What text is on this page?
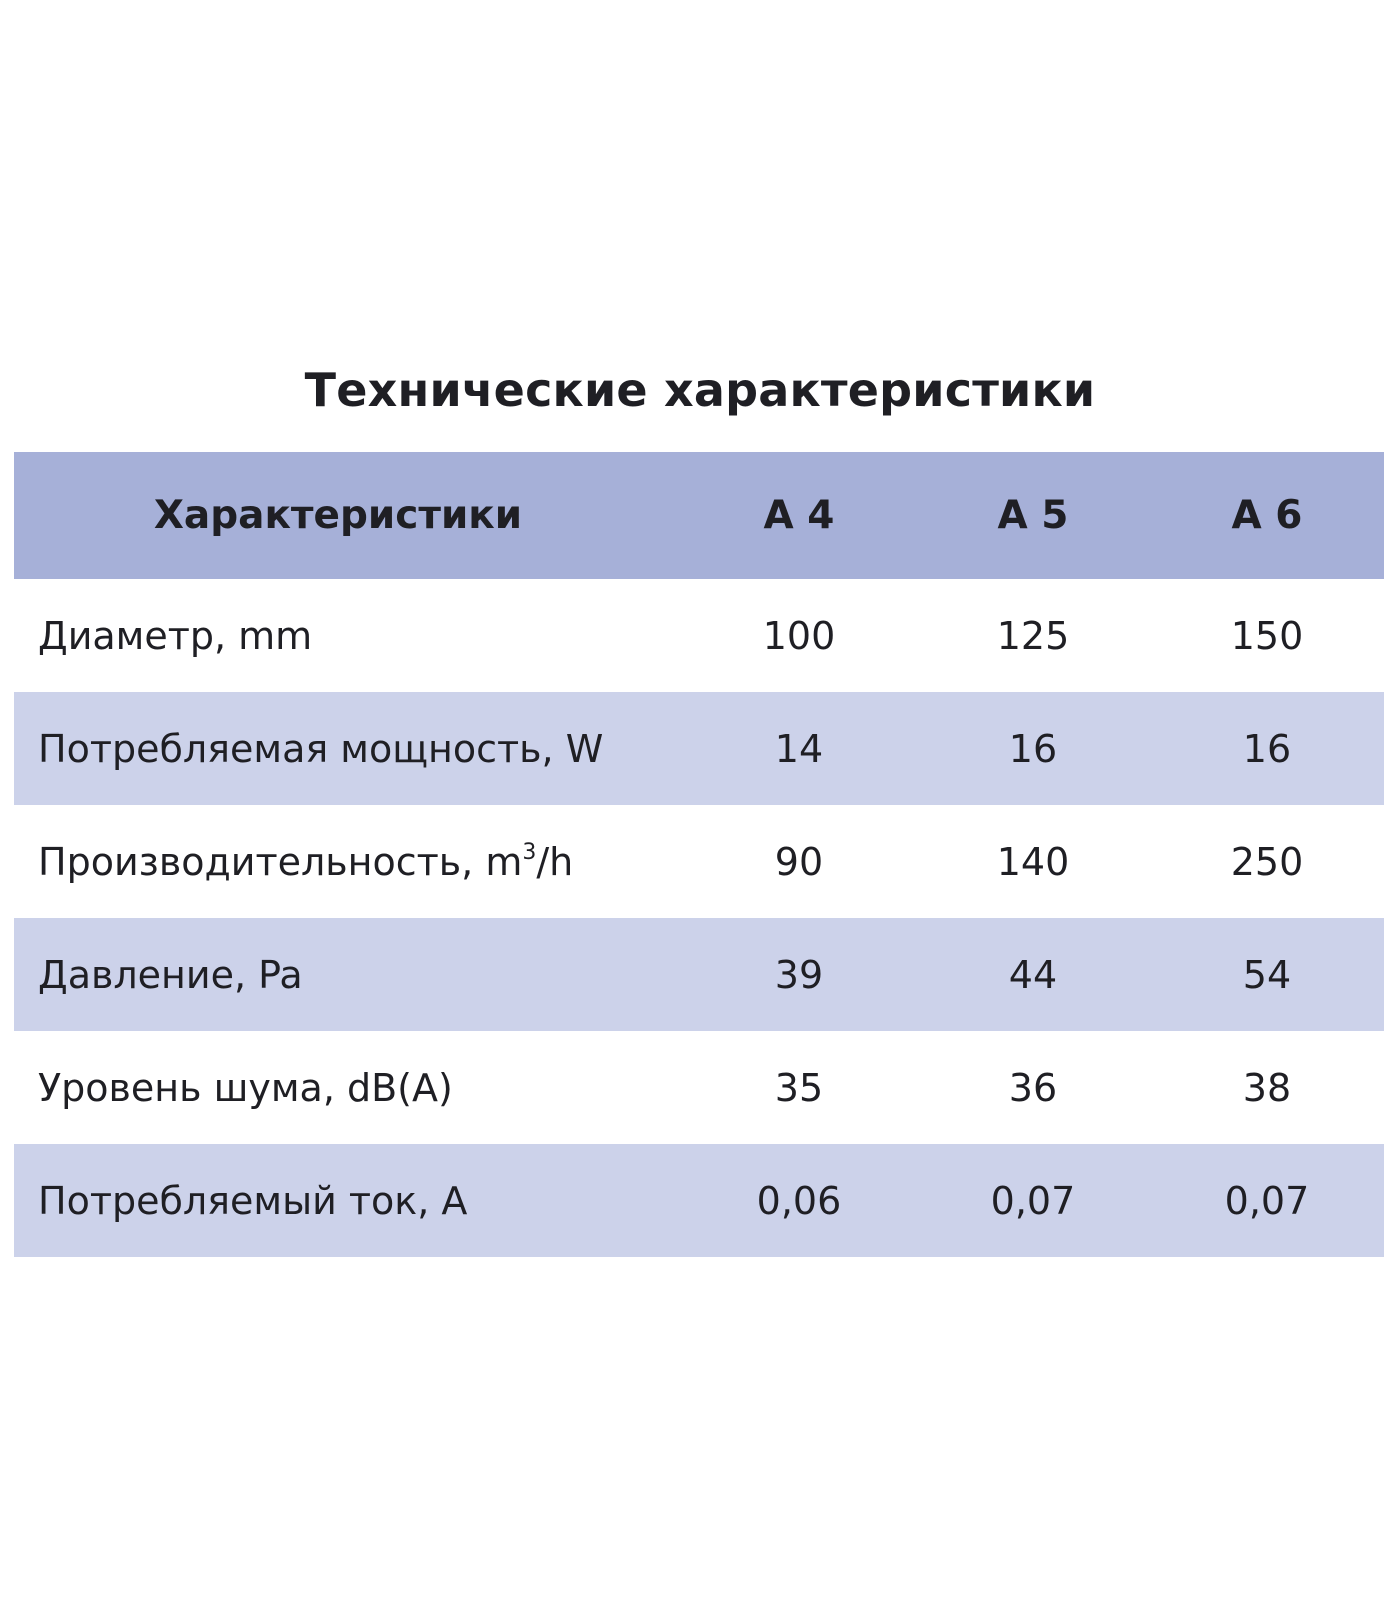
Технические характеристики
Характеристики	А 4	А 5	А 6
Диаметр, mm	100	125	150
Потребляемая мощность, W	14	16	16
Производительность, $m^3/h$	90	140	250
Давление, Pa	39	44	54
Уровень шума, dB(A)	35	36	38
Потребляемый ток, А	0,06	0,07	0,07
